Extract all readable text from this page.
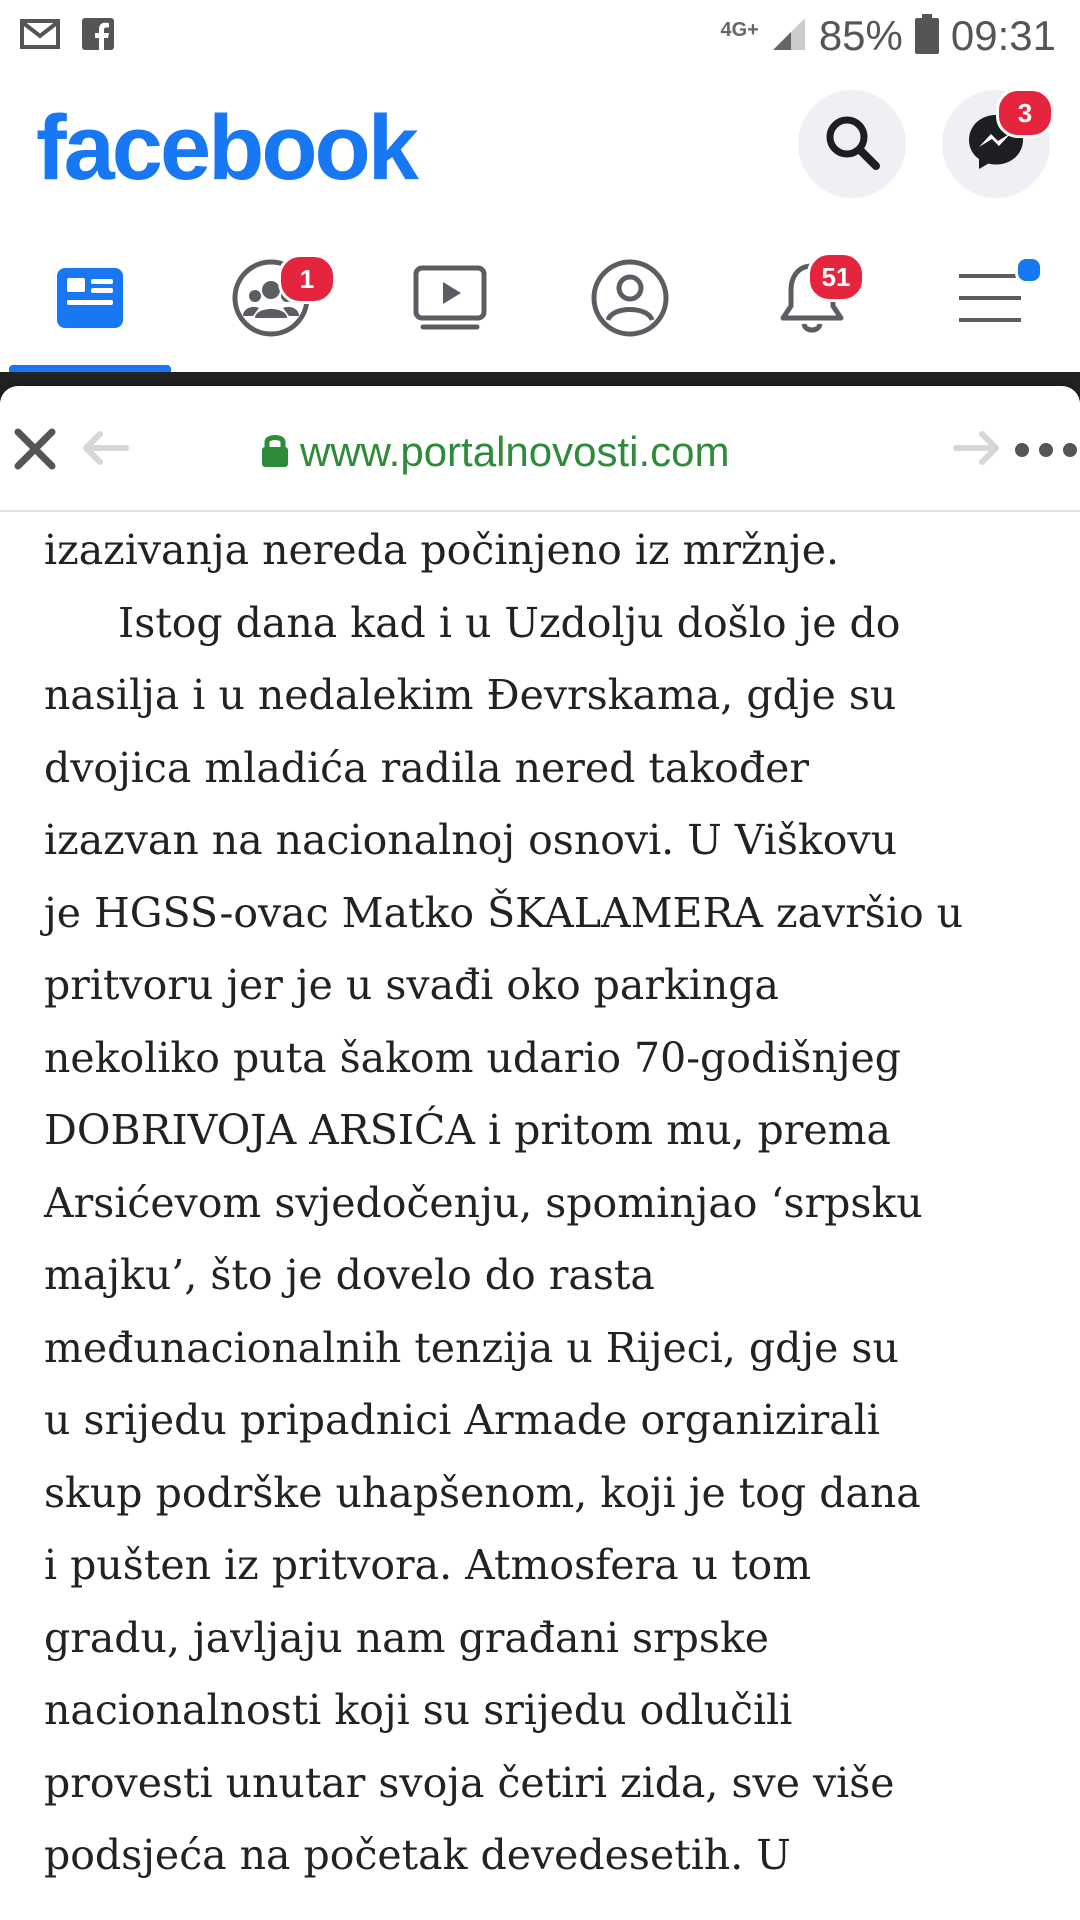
4G+ 85% 09:31
facebook	3
1	51
www.portalnovosti.com
izazivanja nereda počinjeno iz mržnje.
Istog dana kad i u Uzdolju došlo je do
nasilja i u nedalekim Đevrskama, gdje su
dvojica mladića radila nered također
izazvan na nacionalnoj osnovi. U Viškovu
je HGSS-ovac Matko ŠKALAMERA završio u
pritvoru jer je u svađi oko parkinga
nekoliko puta šakom udario 70-godišnjeg
DOBRIVOJA ARSIĆA i pritom mu, prema
Arsićevom svjedočenju, spominjao ‘srpsku
majku’, što je dovelo do rasta
međunacionalnih tenzija u Rijeci, gdje su
u srijedu pripadnici Armade organizirali
skup podrške uhapšenom, koji je tog dana
i pušten iz pritvora. Atmosfera u tom
gradu, javljaju nam građani srpske
nacionalnosti koji su srijedu odlučili
provesti unutar svoja četiri zida, sve više
podsjeća na početak devedesetih. U
